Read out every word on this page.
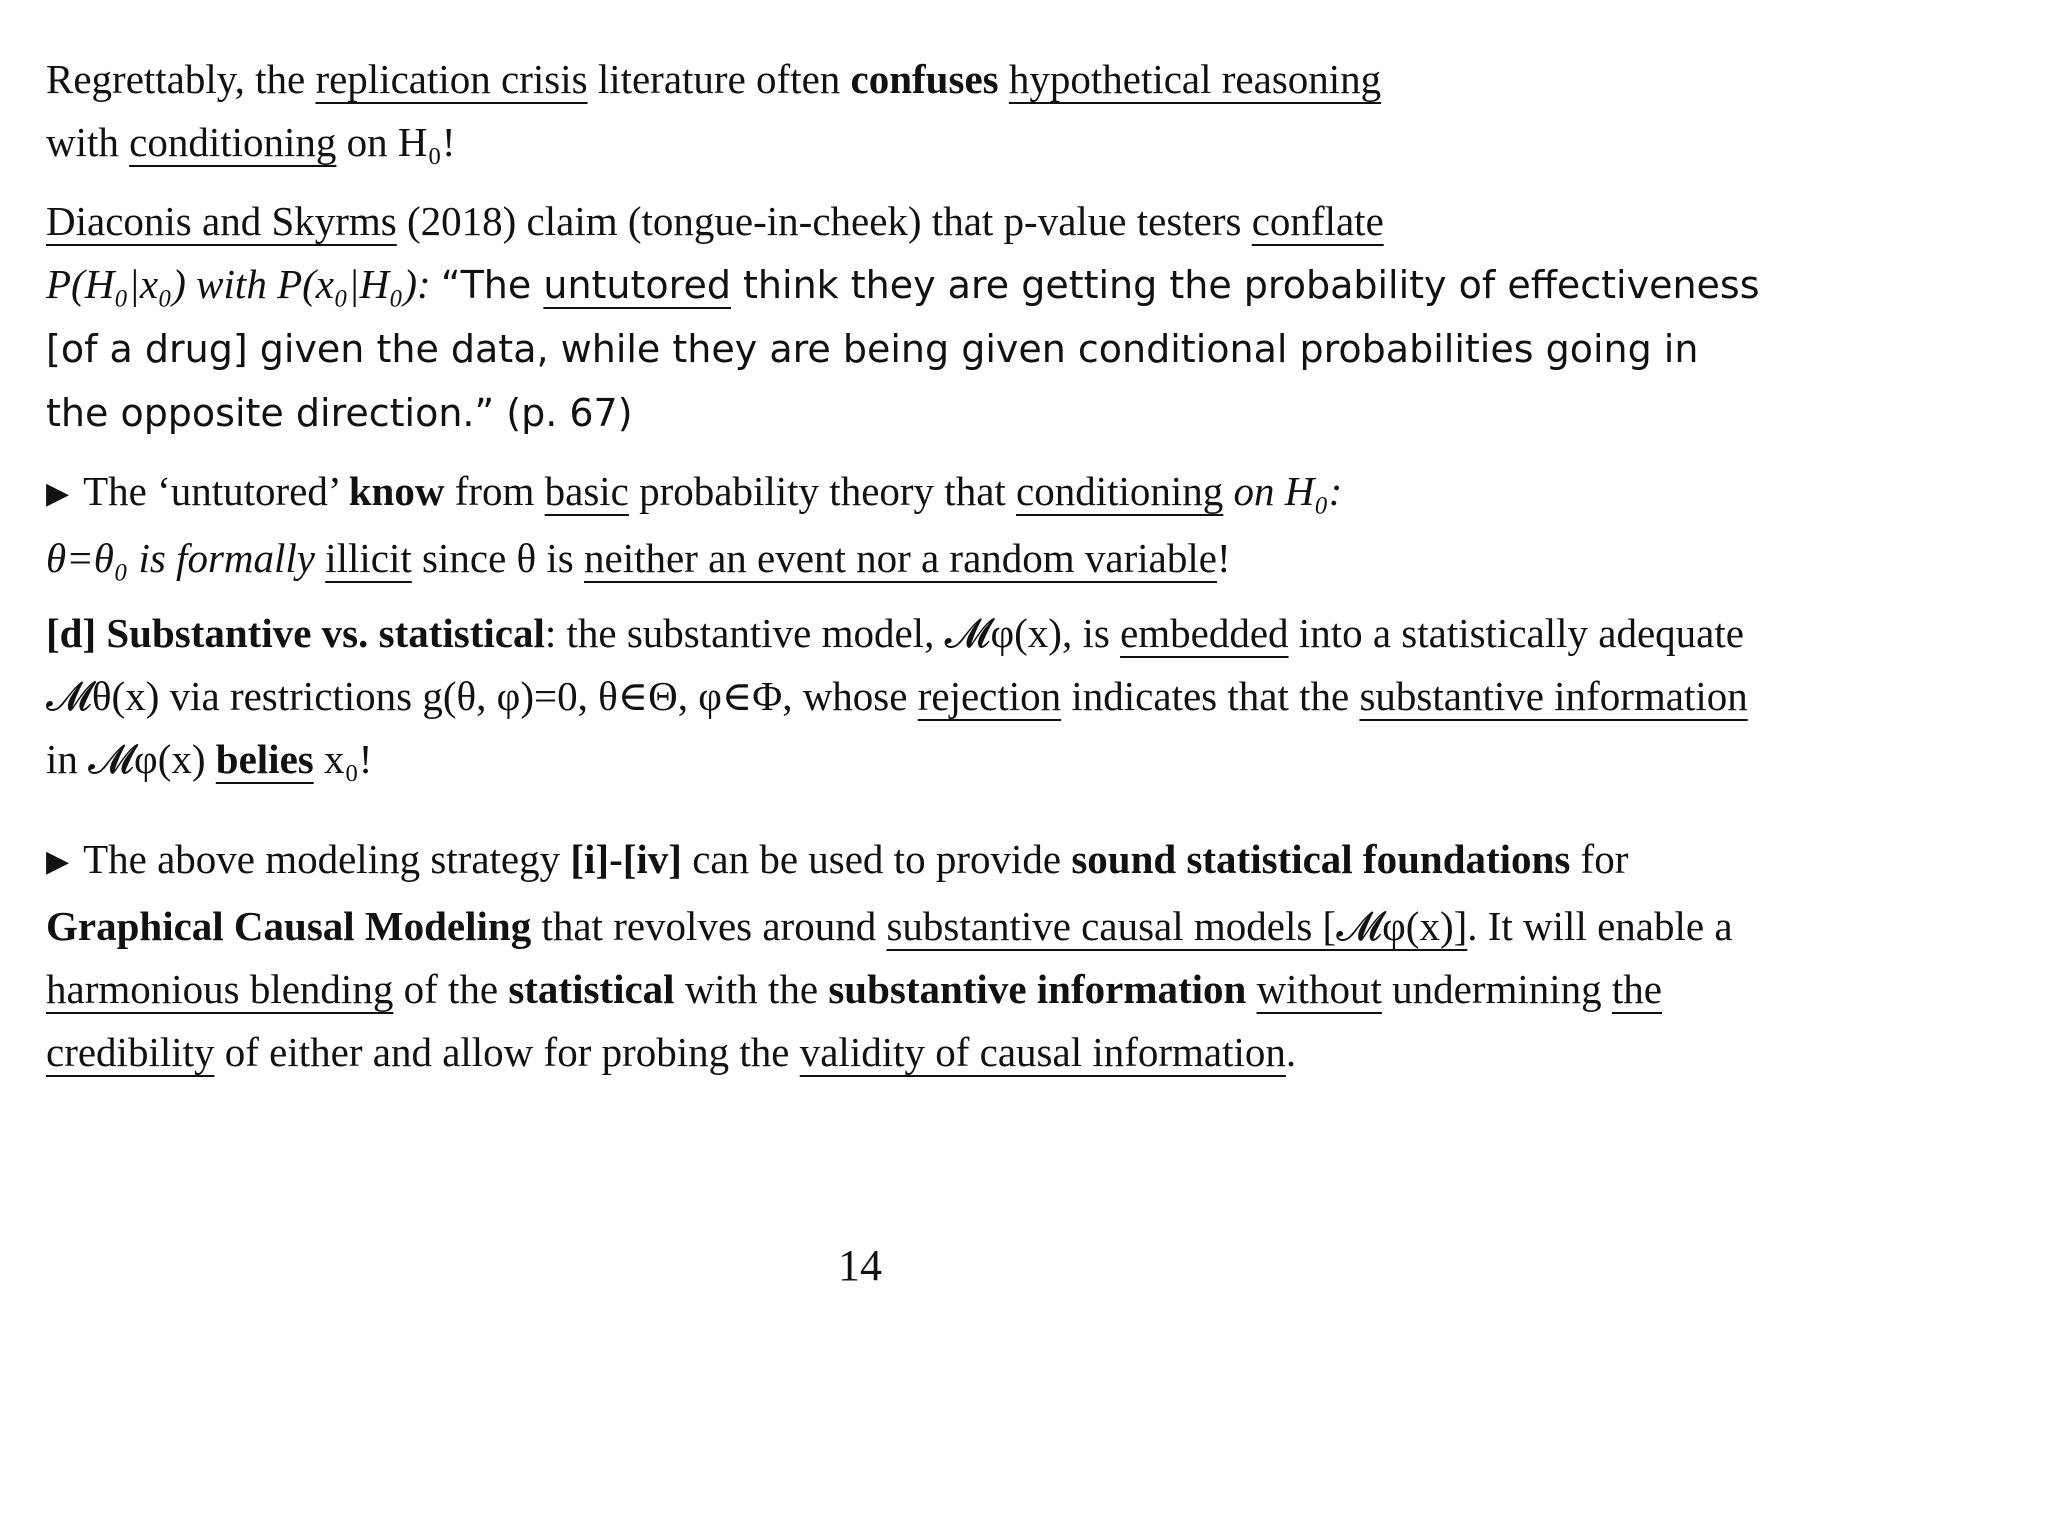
Regrettably, the replication crisis literature often confuses hypothetical reasoning
with conditioning on H₀!

Diaconis and Skyrms (2018) claim (tongue-in-cheek) that p-value testers conflate
P(H₀|x₀) with P(x₀|H₀): “The untutored think they are getting the probability of effectiveness [of a drug] given the data, while they are being given conditional probabilities going in the opposite direction.” (p. 67)

▶ The ‘untutored’ know from basic probability theory that conditioning on H₀:
θ=θ₀ is formally illicit since θ is neither an event nor a random variable!

[d] Substantive vs. statistical: the substantive model, 𝓜φ(x), is embedded into a statistically adequate 𝓜θ(x) via restrictions g(θ, φ)=0, θ∈Θ, φ∈Φ, whose rejection indicates that the substantive information in 𝓜φ(x) belies x₀!

▶ The above modeling strategy [i]-[iv] can be used to provide sound statistical foundations for Graphical Causal Modeling that revolves around substantive causal models [𝓜φ(x)]. It will enable a harmonious blending of the statistical with the substantive information without undermining the credibility of either and allow for probing the validity of causal information.

14
